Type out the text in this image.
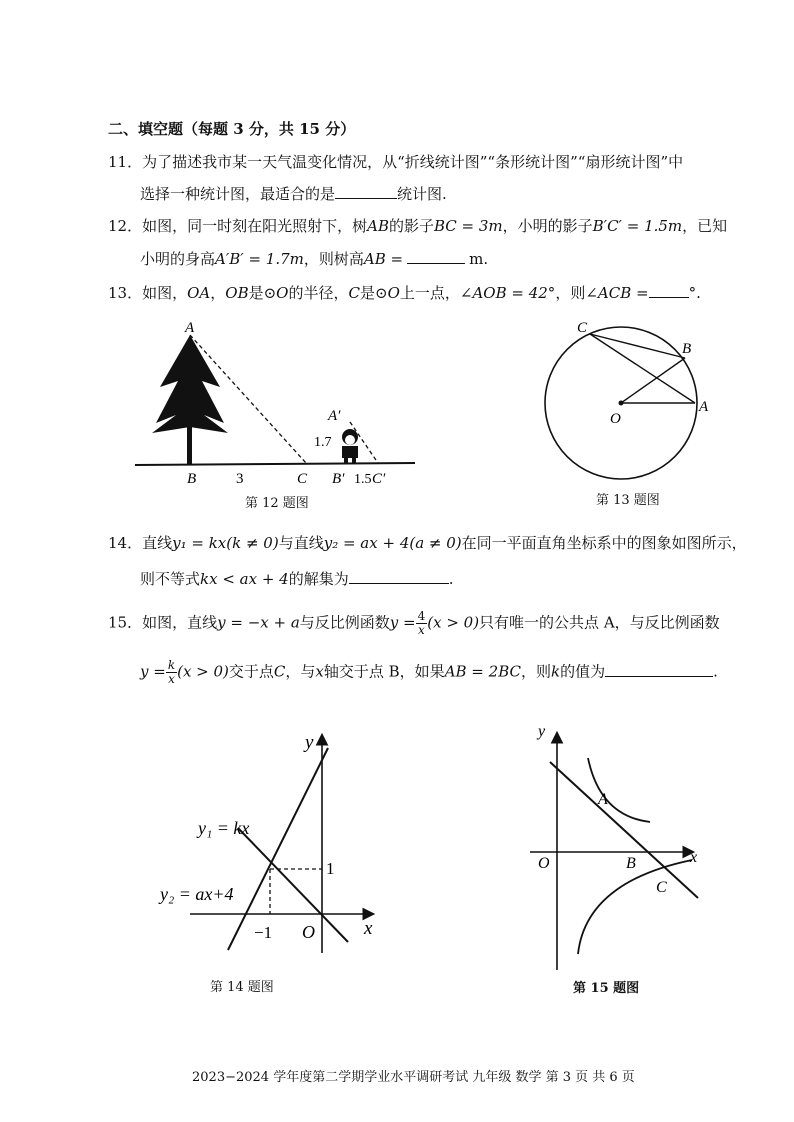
二、填空题（每题 3 分，共 15 分）
11．为了描述我市某一天气温变化情况，从“折线统计图”“条形统计图”“扇形统计图”中
选择一种统计图，最适合的是	统计图.
12．如图，同一时刻在阳光照射下，树AB的影子BC = 3m，小明的影子B′C′ = 1.5m，已知
小明的身高A′B′ = 1.7m，则树高AB =	m.
13．如图，OA，OB是⊙O的半径，C是⊙O上一点，∠AOB = 42°，则∠ACB =	°.
A
B	C
3
A′
1.7
B′ 1.5 C′
第 12 题图
C
B
O
A
第 13 题图
14．直线y₁ = kx(k ≠ 0)与直线y₂ = ax + 4(a ≠ 0)在同一平面直角坐标系中的图象如图所示，
则不等式kx < ax + 4的解集为	.
15．如图，直线y = −x + a与反比例函数$y = \frac{4}{x} (x > 0)$只有唯一的公共点 A，与反比例函数
$y = \frac{k}{x} (x > 0)$交于点C，与x轴交于点 B，如果AB = 2BC，则k的值为	.
y
x
O
y₁ = kx
y₂ = ax+4
1
−1
第 14 题图
y
x
O
A
B
C
第 15 题图
2023−2024 学年度第二学期学业水平调研考试 九年级 数学 第 3 页 共 6 页
